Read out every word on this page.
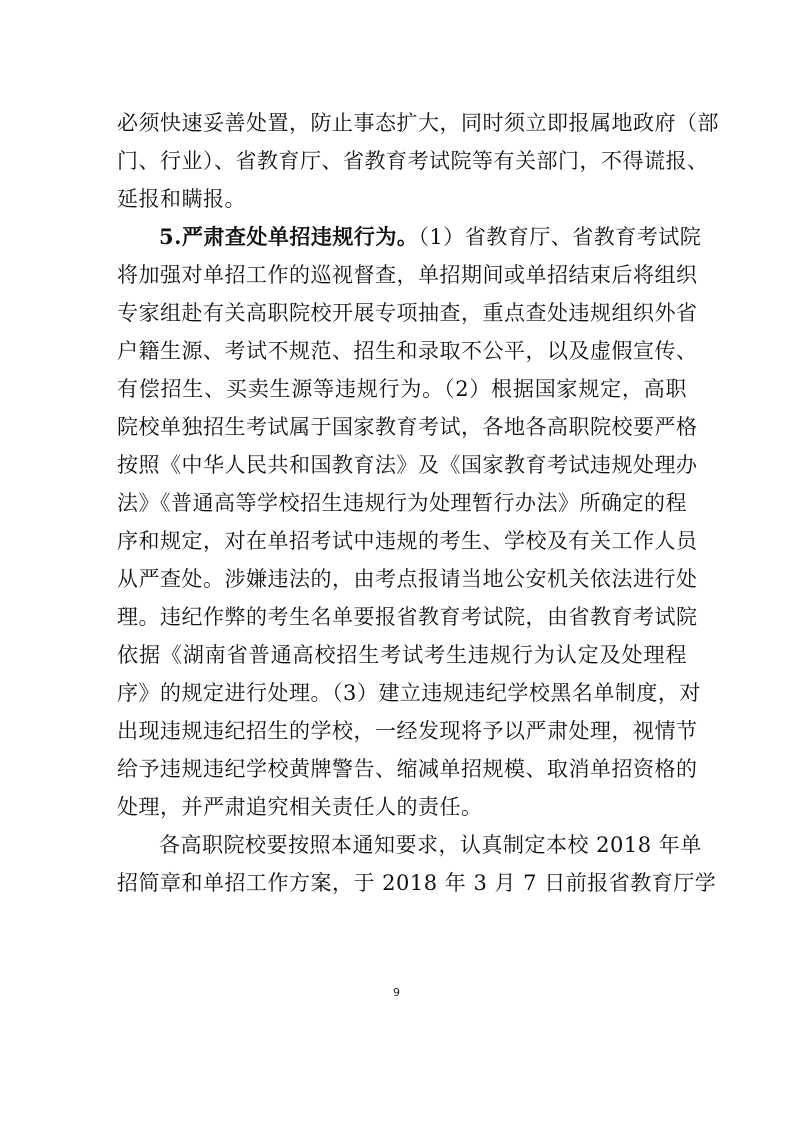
必须快速妥善处置，防止事态扩大，同时须立即报属地政府（部
门、行业）、省教育厅、省教育考试院等有关部门，不得谎报、
延报和瞒报。
5.严肃查处单招违规行为。（1）省教育厅、省教育考试院
将加强对单招工作的巡视督查，单招期间或单招结束后将组织
专家组赴有关高职院校开展专项抽查，重点查处违规组织外省
户籍生源、考试不规范、招生和录取不公平，以及虚假宣传、
有偿招生、买卖生源等违规行为。（2）根据国家规定，高职
院校单独招生考试属于国家教育考试，各地各高职院校要严格
按照《中华人民共和国教育法》及《国家教育考试违规处理办
法》《普通高等学校招生违规行为处理暂行办法》所确定的程
序和规定，对在单招考试中违规的考生、学校及有关工作人员
从严查处。涉嫌违法的，由考点报请当地公安机关依法进行处
理。违纪作弊的考生名单要报省教育考试院，由省教育考试院
依据《湖南省普通高校招生考试考生违规行为认定及处理程
序》的规定进行处理。（3）建立违规违纪学校黑名单制度，对
出现违规违纪招生的学校，一经发现将予以严肃处理，视情节
给予违规违纪学校黄牌警告、缩减单招规模、取消单招资格的
处理，并严肃追究相关责任人的责任。
各高职院校要按照本通知要求，认真制定本校 2018 年单
招简章和单招工作方案，于 2018 年 3 月 7 日前报省教育厅学
9
